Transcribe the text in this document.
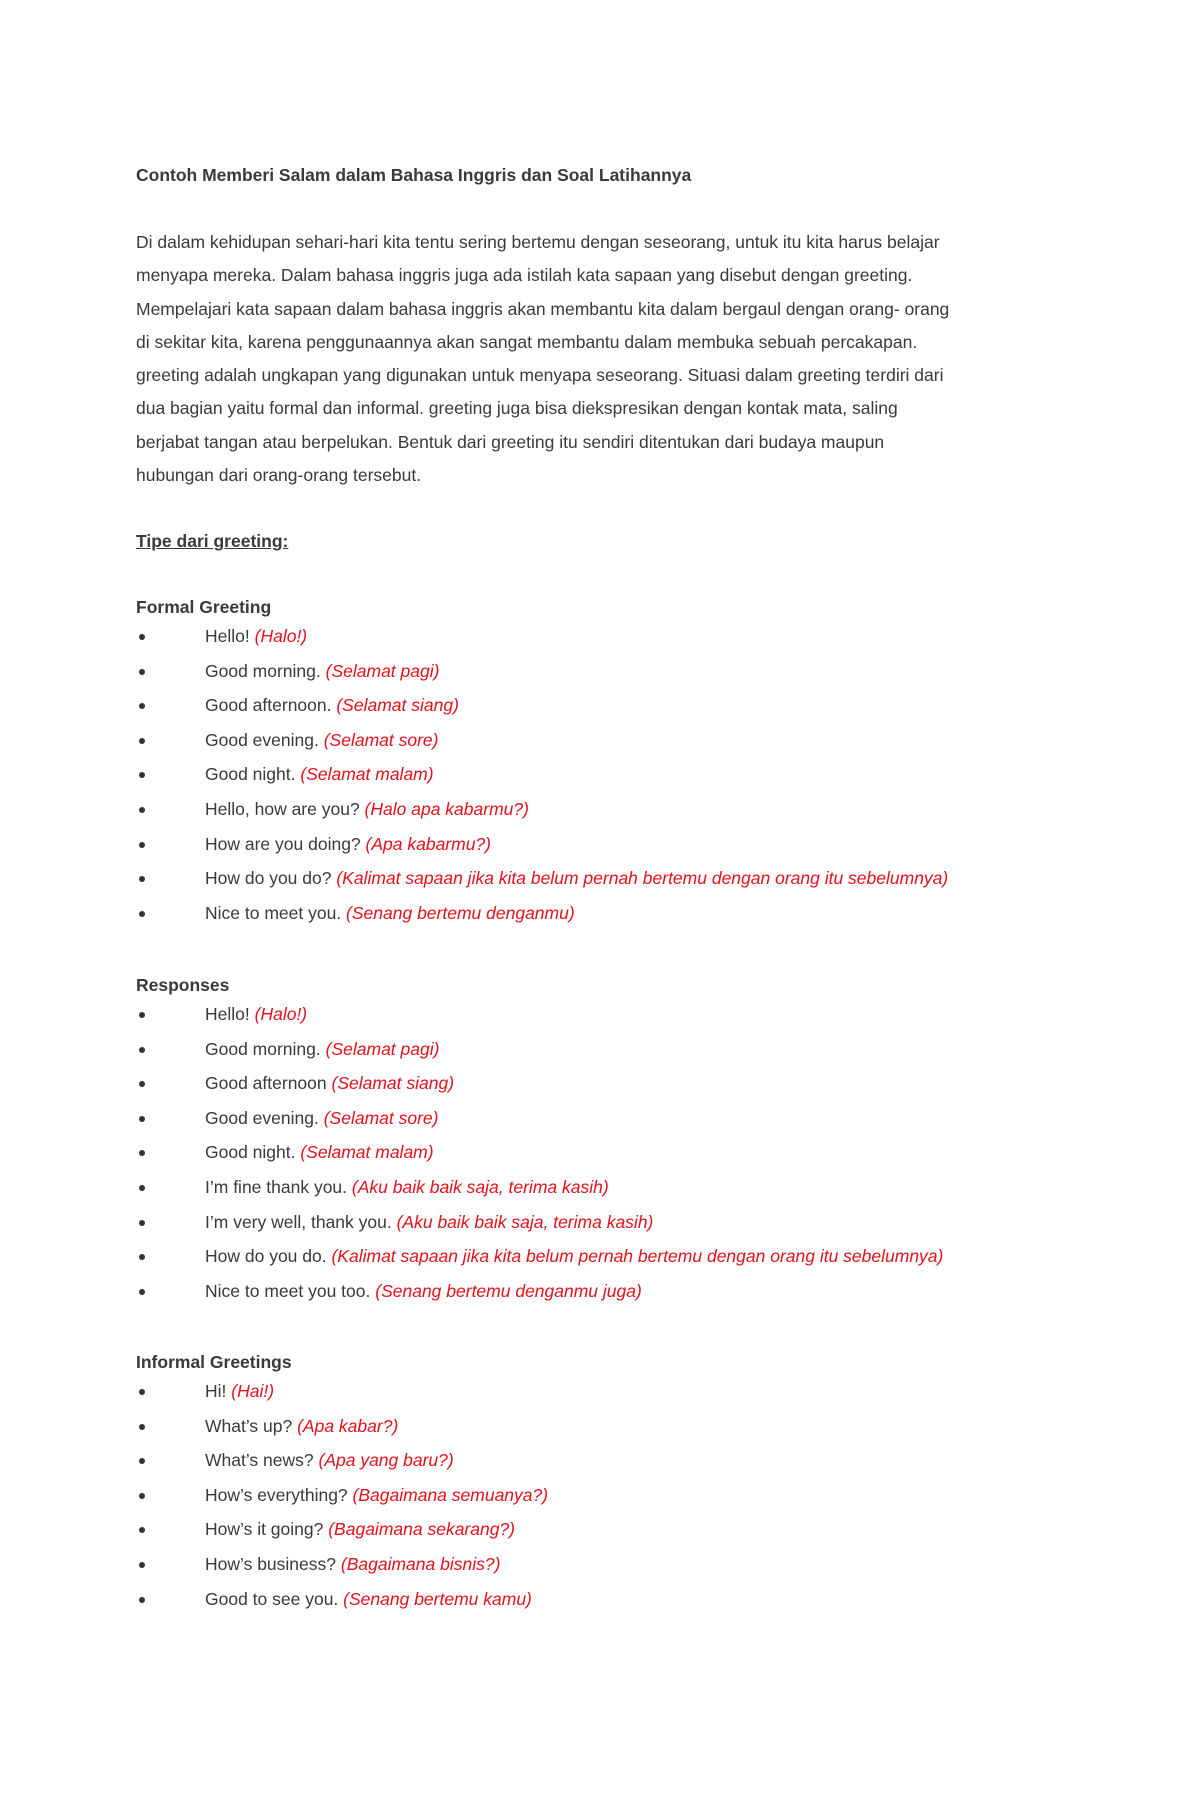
Contoh Memberi Salam dalam Bahasa Inggris dan Soal Latihannya

Di dalam kehidupan sehari-hari kita tentu sering bertemu dengan seseorang, untuk itu kita harus belajar

menyapa mereka. Dalam bahasa inggris juga ada istilah kata sapaan yang disebut dengan greeting.

Mempelajari kata sapaan dalam bahasa inggris akan membantu kita dalam bergaul dengan orang- orang

di sekitar kita, karena penggunaannya akan sangat membantu dalam membuka sebuah percakapan.

greeting adalah ungkapan yang digunakan untuk menyapa seseorang. Situasi dalam greeting terdiri dari

dua bagian yaitu formal dan informal. greeting juga bisa diekspresikan dengan kontak mata, saling

berjabat tangan atau berpelukan. Bentuk dari greeting itu sendiri ditentukan dari budaya maupun

hubungan dari orang-orang tersebut.

Tipe dari greeting:
Formal Greeting
Hello! (Halo!)
Good morning. (Selamat pagi)
Good afternoon. (Selamat siang)
Good evening. (Selamat sore)
Good night. (Selamat malam)
Hello, how are you? (Halo apa kabarmu?)
How are you doing? (Apa kabarmu?)
How do you do? (Kalimat sapaan jika kita belum pernah bertemu dengan orang itu sebelumnya)
Nice to meet you. (Senang bertemu denganmu)
Responses
Hello! (Halo!)
Good morning. (Selamat pagi)
Good afternoon (Selamat siang)
Good evening. (Selamat sore)
Good night. (Selamat malam)
I’m fine thank you. (Aku baik baik saja, terima kasih)
I’m very well, thank you. (Aku baik baik saja, terima kasih)
How do you do. (Kalimat sapaan jika kita belum pernah bertemu dengan orang itu sebelumnya)
Nice to meet you too. (Senang bertemu denganmu juga)
Informal Greetings
Hi! (Hai!)
What’s up? (Apa kabar?)
What’s news? (Apa yang baru?)
How’s everything? (Bagaimana semuanya?)
How’s it going? (Bagaimana sekarang?)
How’s business? (Bagaimana bisnis?)
Good to see you. (Senang bertemu kamu)
